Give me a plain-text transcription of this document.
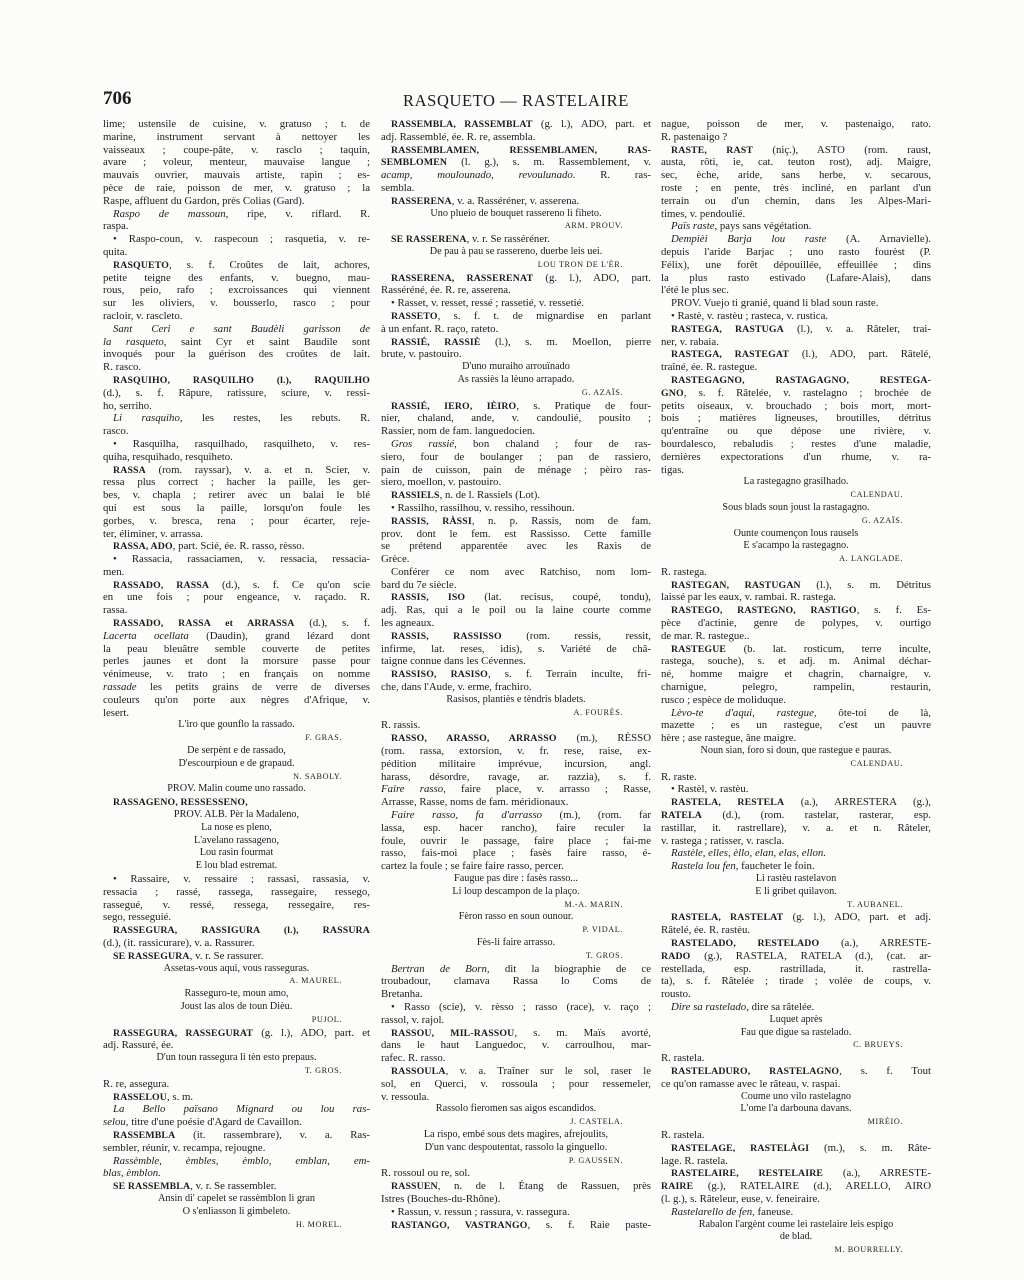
706	RASQUETO — RASTELAIRE
lime; ustensile de cuisine, v. gratuso ; t. de
marine, instrument servant à nettoyer les
vaisseaux ; coupe-pâte, v. rasclo ; taquin,
avare ; voleur, menteur, mauvaise langue ;
mauvais ouvrier, mauvais artiste, rapin ; es-
pèce de raie, poisson de mer, v. gratuso ; la
Raspe, affluent du Gardon, près Colias (Gard).
Raspo de massoun, ripe, v. riflard. R.
raspa.
• Raspo-coun, v. raspecoun ; rasquetia, v. re-
quita.
RASQUETO, s. f. Croûtes de lait, achores,
petite teigne des enfants, v. buegno, mau-
rous, peio, rafo ; excroissances qui viennent
sur les oliviers, v. bousserlo, rasco ; pour
racloir, v. rascleto.
Sant Ceri e sant Baudèli garisson de
la rasqueto, saint Cyr et saint Baudile sont
invoqués pour la guérison des croûtes de lait.
R. rasco.
RASQUIHO, RASQUILHO (l.), RAQUILHO
(d.), s. f. Râpure, ratissure, sciure, v. ressi-
ho, serriho.
Li rasquiho, les restes, les rebuts. R.
rasco.
• Rasquilha, rasquilhado, rasquilheto, v. res-
quiha, resquihado, resquiheto.
RASSA (rom. rayssar), v. a. et n. Scier, v.
ressa plus correct ; hacher la paille, les ger-
bes, v. chapla ; retirer avec un balai le blé
qui est sous la paille, lorsqu'on foule les
gorbes, v. bresca, rena ; pour écarter, reje-
ter, éliminer, v. arrassa.
RASSA, ADO, part. Scié, ée. R. rasso, rèsso.
• Rassacia, rassaciamen, v. ressacia, ressacia-
men.
RASSADO, RASSA (d.), s. f. Ce qu'on scie
en une fois ; pour engeance, v. raçado. R.
rassa.
RASSADO, RASSA et ARRASSA (d.), s. f.
Lacerta ocellata (Daudin), grand lézard dont
la peau bleuâtre semble couverte de petites
perles jaunes et dont la morsure passe pour
vénimeuse, v. trato ; en français on nomme
rassade les petits grains de verre de diverses
couleurs qu'on porte aux nègres d'Afrique, v.
lesert.
L'iro que gounflo la rassado.
F. GRAS.
De serpènt e de rassado,
D'escourpioun e de grapaud.
N. SABOLY.
PROV. Malin coume uno rassado.
RASSAGENO, RESSESSENO,
PROV. ALB. Pèr la Madaleno,
La nose es pleno,
L'avelano rassageno,
Lou rasin fourmat
E lou blad estremat.
• Rassaire, v. ressaire ; rassasi, rassasia, v.
ressacia ; rassé, rassega, rassegaire, ressego,
rassegué, v. ressé, ressega, ressegaire, res-
sego, resseguié.
RASSEGURA, RASSIGURA (l.), RASSURA
(d.), (it. rassicurare), v. a. Rassurer.
SE RASSEGURA, v. r. Se rassurer.
Assetas-vous aqui, vous rasseguras.
A. MAUREL.
Rasseguro-te, moun amo,
Joust las alos de toun Dièu.
PUJOL.
RASSEGURA, RASSEGURAT (g. l.), ADO, part. et
adj. Rassuré, ée.
D'un toun rassegura li tèn esto prepaus.
T. GROS.
R. re, assegura.
RASSELOU, s. m.
La Bello païsano Mignard ou lou ras-
selou, titre d'une poésie d'Agard de Cavaillon.
RASSEMBLA (it. rassembrare), v. a. Ras-
sembler, réunir, v. recampa, rejougne.
Rassèmble, èmbles, èmblo, emblan, em-
blas, èmblon.
SE RASSEMBLA, v. r. Se rassembler.
Ansin di' capelet se rassèmblon li gran
O s'enliasson li gimbeleto.
H. MOREL.
RASSEMBLA, RASSEMBLAT (g. l.), ADO, part. et
adj. Rassemblé, ée. R. re, assembla.
RASSEMBLAMEN, RESSEMBLAMEN, RAS-
SEMBLOMEN (l. g.), s. m. Rassemblement, v.
acamp, moulounado, revoulunado. R. ras-
sembla.
RASSERENA, v. a. Rasséréner, v. asserena.
Uno plueio de bouquet rassereno li fiheto.
ARM. PROUV.
SE RASSERENA, v. r. Se rasséréner.
De pau à pau se rassereno, duerbe leis uei.
LOU TRON DE L'ÈR.
RASSERENA, RASSERENAT (g. l.), ADO, part.
Rasséréné, ée. R. re, asserena.
• Rasset, v. resset, ressé ; rassetié, v. ressetié.
RASSETO, s. f. t. de mignardise en parlant
à un enfant. R. raço, rateto.
RASSIÉ, RASSIÈ (l.), s. m. Moellon, pierre
brute, v. pastouiro.
D'uno muraiho arrouïnado
As rassiès la lèuno arrapado.
G. AZAÏS.
RASSIÉ, IERO, IÈIRO, s. Pratique de four-
nier, chaland, ande, v. candoulié, pousito ;
Rassier, nom de fam. languedocien.
Gros rassié, bon chaland ; four de ras-
siero, four de boulanger ; pan de rassiero,
pain de cuisson, pain de ménage ; pèiro ras-
siero, moellon, v. pastouiro.
RASSIELS, n. de l. Rassiels (Lot).
• Rassilho, rassilhou, v. ressiho, ressihoun.
RASSIS, RÀSSI, n. p. Rassis, nom de fam.
prov. dont le fem. est Rassisso. Cette famille
se prétend apparentée avec les Raxis de
Grèce.
Conférer ce nom avec Ratchiso, nom lom-
bard du 7e siècle.
RASSIS, ISO (lat. recisus, coupé, tondu),
adj. Ras, qui a le poil ou la laine courte comme
les agneaux.
RASSIS, RASSISSO (rom. ressis, ressit,
infirme, lat. reses, idis), s. Variété de châ-
taigne connue dans les Cévennes.
RASSISO, RASISO, s. f. Terrain inculte, fri-
che, dans l'Aude, v. erme, frachiro.
Rasisos, plantiès e tèndris bladets.
A. FOURÈS.
R. rassis.
RASSO, ARASSO, ARRASSO (m.), RÈSSO
(rom. rassa, extorsion, v. fr. rese, raise, ex-
pédition militaire imprévue, incursion, angl.
harass, désordre, ravage, ar. razzia), s. f.
Faire rasso, faire place, v. arrasso ; Rasse,
Arrasse, Rasse, noms de fam. méridionaux.
Faire rasso, fa d'arrasso (m.), (rom. far
lassa, esp. hacer rancho), faire reculer la
foule, ouvrir le passage, faire place ; fai-me
rasso, fais-moi place ; fasès faire rasso, é-
cartez la foule ; se faire faire rasso, percer.
Faugue pas dire : fasès rasso...
Li loup descampon de la plaço.
M.-A. MARIN.
Fèron rasso en soun ounour.
P. VIDAL.
Fès-li faire arrasso.
T. GROS.
Bertran de Born, dit la biographie de ce
troubadour, clamava Rassa lo Coms de
Bretanha.
• Rasso (scie), v. rèsso ; rasso (race), v. raço ;
rassol, v. rajol.
RASSOU, MIL-RASSOU, s. m. Maïs avorté,
dans le haut Languedoc, v. carroulhou, mar-
rafec. R. rasso.
RASSOULA, v. a. Traîner sur le sol, raser le
sol, en Querci, v. rossoula ; pour ressemeler,
v. ressoula.
Rassolo fieromen sas aigos escandidos.
J. CASTELA.
La rispo, embé sous dets magires, afrejoulits,
D'un vanc despoutentat, rassolo la ginguello.
P. GAUSSEN.
R. rossoul ou re, sol.
RASSUEN, n. de l. Étang de Rassuen, près
Istres (Bouches-du-Rhône).
• Rassun, v. ressun ; rassura, v. rassegura.
RASTANGO, VASTRANGO, s. f. Raie paste-
nague, poisson de mer, v. pastenaigo, rato.
R. pastenaigo ?
RASTE, RAST (niç.), ASTO (rom. raust,
austa, rôti, ie, cat. teuton rost), adj. Maigre,
sec, èche, aride, sans herbe, v. secarous,
roste ; en pente, très incliné, en parlant d'un
terrain ou d'un chemin, dans les Alpes-Mari-
times, v. pendoulié.
Païs raste, pays sans végétation.
Dempièi Barja lou raste (A. Arnavielle).
depuis l'aride Barjac ; uno rasto fourèst (P.
Félix), une forêt dépouillée, effeuillée ; dins
la plus rasto estivado (Lafare-Alais), dans
l'été le plus sec.
PROV. Vuejo ti granié, quand li blad soun raste.
• Rastè, v. rastèu ; rasteca, v. rustica.
RASTEGA, RASTUGA (l.), v. a. Râteler, trai-
ner, v. rabaia.
RASTEGA, RASTEGAT (l.), ADO, part. Râtelé,
traîné, ée. R. rastegue.
RASTEGAGNO, RASTAGAGNO, RESTEGA-
GNO, s. f. Râtelée, v. rastelagno ; brochée de
petits oiseaux, v. brouchado ; bois mort, mort-
bois ; matières ligneuses, broutilles, détritus
qu'entraîne ou que dépose une rivière, v.
bourdalesco, rebaludis ; restes d'une maladie,
dernières expectorations d'un rhume, v. ra-
tigas.
La rastegagno grasilhado.
CALENDAU.
Sous blads soun joust la rastagagno.
G. AZAÏS.
Ounte coumençon lous rausels
E s'acampo la rastegagno.
A. LANGLADE.
R. rastega.
RASTEGAN, RASTUGAN (l.), s. m. Détritus
laissé par les eaux, v. rambai. R. rastega.
RASTEGO, RASTEGNO, RASTIGO, s. f. Es-
pèce d'actinie, genre de polypes, v. ourtigo
de mar. R. rastegue..
RASTEGUE (b. lat. rosticum, terre inculte,
rastega, souche), s. et adj. m. Animal déchar-
né, homme maigre et chagrin, charnaigre, v.
charnigue, pelegro, rampelin, restaurin,
rusco ; espèce de moliduque.
Lèvo-te d'aqui, rastegue, ôte-toi de là,
mazette ; es un rastegue, c'est un pauvre
hère ; ase rastegue, âne maigre.
Noun sian, foro si doun, que rastegue e pauras.
CALENDAU.
R. raste.
• Rastèl, v. rastèu.
RASTELA, RESTELA (a.), ARRESTERA (g.),
RATELA (d.), (rom. rastelar, rasterar, esp.
rastillar, it. rastrellare), v. a. et n. Râteler,
v. rastega ; ratisser, v. rascla.
Rastèle, elles, èllo, elan, elas, ellon.
Rastela lou fen, faucheter le foin.
Li rastèu rastelavon
E li gribet quilavon.
T. AUBANEL.
RASTELA, RASTELAT (g. l.), ADO, part. et adj.
Râtelé, ée. R. rastèu.
RASTELADO, RESTELADO (a.), ARRESTE-
RADO (g.), RASTELA, RATELA (d.), (cat. ar-
restellada, esp. rastrillada, it. rastrella-
ta), s. f. Râtelée ; tirade ; volée de coups, v.
rousto.
Dire sa rastelado, dire sa râtelée.
Luquet après
Fau que digue sa rastelado.
C. BRUEYS.
R. rastela.
RASTELADURO, RASTELAGNO, s. f. Tout
ce qu'on ramasse avec le râteau, v. raspai.
Coume uno vilo rastelagno
L'ome l'a darbouna davans.
MIRÈIO.
R. rastela.
RASTELAGE, RASTELÀGI (m.), s. m. Râte-
lage. R. rastela.
RASTELAIRE, RESTELAIRE (a.), ARRESTE-
RAIRE (g.), RATELAIRE (d.), ARELLO, AIRO
(l. g.), s. Râteleur, euse, v. feneiraire.
Rastelarello de fen, faneuse.
Rabalon l'argènt coume lei rastelaire leis espigo
de blad.
M. BOURRELLY.
